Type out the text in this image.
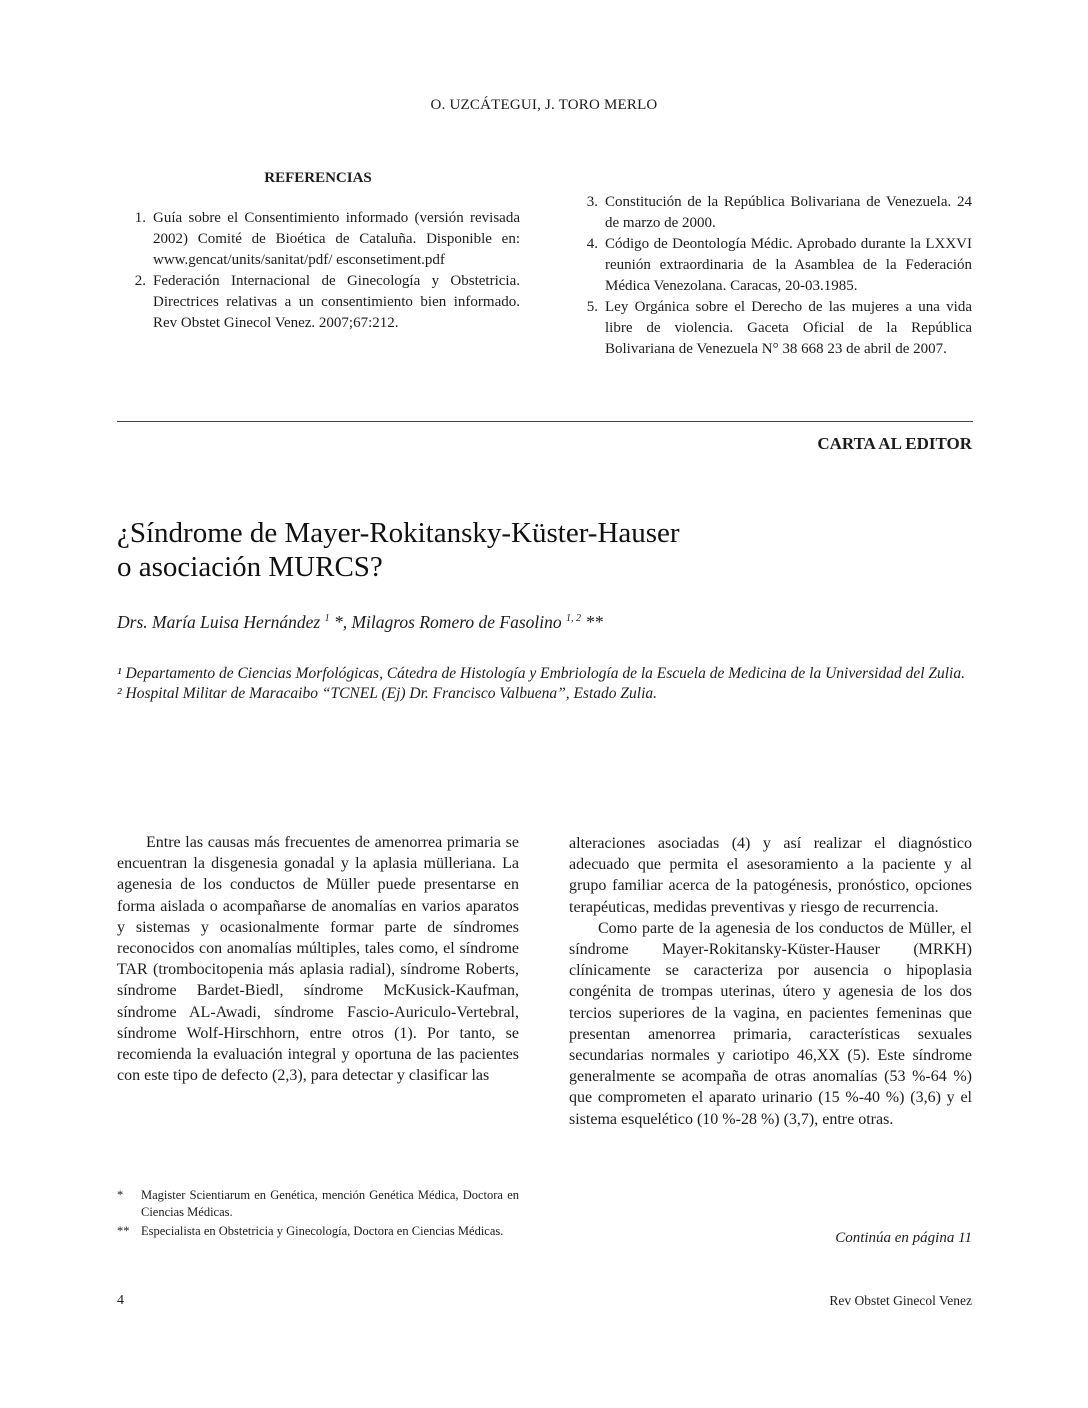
O. UZCÁTEGUI, J. TORO MERLO
REFERENCIAS
1. Guía sobre el Consentimiento informado (versión revisada 2002) Comité de Bioética de Cataluña. Disponible en: www.gencat/units/sanitat/pdf/ esconsetiment.pdf
2. Federación Internacional de Ginecología y Obstetricia. Directrices relativas a un consentimiento bien informado. Rev Obstet Ginecol Venez. 2007;67:212.
3. Constitución de la República Bolivariana de Venezuela. 24 de marzo de 2000.
4. Código de Deontología Médic. Aprobado durante la LXXVI reunión extraordinaria de la Asamblea de la Federación Médica Venezolana. Caracas, 20-03.1985.
5. Ley Orgánica sobre el Derecho de las mujeres a una vida libre de violencia. Gaceta Oficial de la República Bolivariana de Venezuela N° 38 668 23 de abril de 2007.
CARTA AL EDITOR
¿Síndrome de Mayer-Rokitansky-Küster-Hauser
o asociación MURCS?
Drs. María Luisa Hernández $^1$ *, Milagros Romero de Fasolino $^{1, 2}$ **

¹ Departamento de Ciencias Morfológicas, Cátedra de Histología y Embriología de la Escuela de Medicina de la Universidad del Zulia.

² Hospital Militar de Maracaibo “TCNEL (Ej) Dr. Francisco Valbuena”, Estado Zulia.

Entre las causas más frecuentes de amenorrea primaria se encuentran la disgenesia gonadal y la aplasia mülleriana. La agenesia de los conductos de Müller puede presentarse en forma aislada o acompañarse de anomalías en varios aparatos y sistemas y ocasionalmente formar parte de síndromes reconocidos con anomalías múltiples, tales como, el síndrome TAR (trombocitopenia más aplasia radial), síndrome Roberts, síndrome Bardet-Biedl, síndrome McKusick-Kaufman, síndrome AL-Awadi, síndrome Fascio-Auriculo-Vertebral, síndrome Wolf-Hirschhorn, entre otros (1). Por tanto, se recomienda la evaluación integral y oportuna de las pacientes con este tipo de defecto (2,3), para detectar y clasificar las

alteraciones asociadas (4) y así realizar el diagnóstico adecuado que permita el asesoramiento a la paciente y al grupo familiar acerca de la patogénesis, pronóstico, opciones terapéuticas, medidas preventivas y riesgo de recurrencia.

Como parte de la agenesia de los conductos de Müller, el síndrome Mayer-Rokitansky-Küster-Hauser (MRKH) clínicamente se caracteriza por ausencia o hipoplasia congénita de trompas uterinas, útero y agenesia de los dos tercios superiores de la vagina, en pacientes femeninas que presentan amenorrea primaria, características sexuales secundarias normales y cariotipo 46,XX (5). Este síndrome generalmente se acompaña de otras anomalías (53 %-64 %) que comprometen el aparato urinario (15 %-40 %) (3,6) y el sistema esquelético (10 %-28 %) (3,7), entre otras.

* Magister Scientiarum en Genética, mención Genética Médica, Doctora en Ciencias Médicas.
** Especialista en Obstetricia y Ginecología, Doctora en Ciencias Médicas.	Continúa en página 11
4	Rev Obstet Ginecol Venez
